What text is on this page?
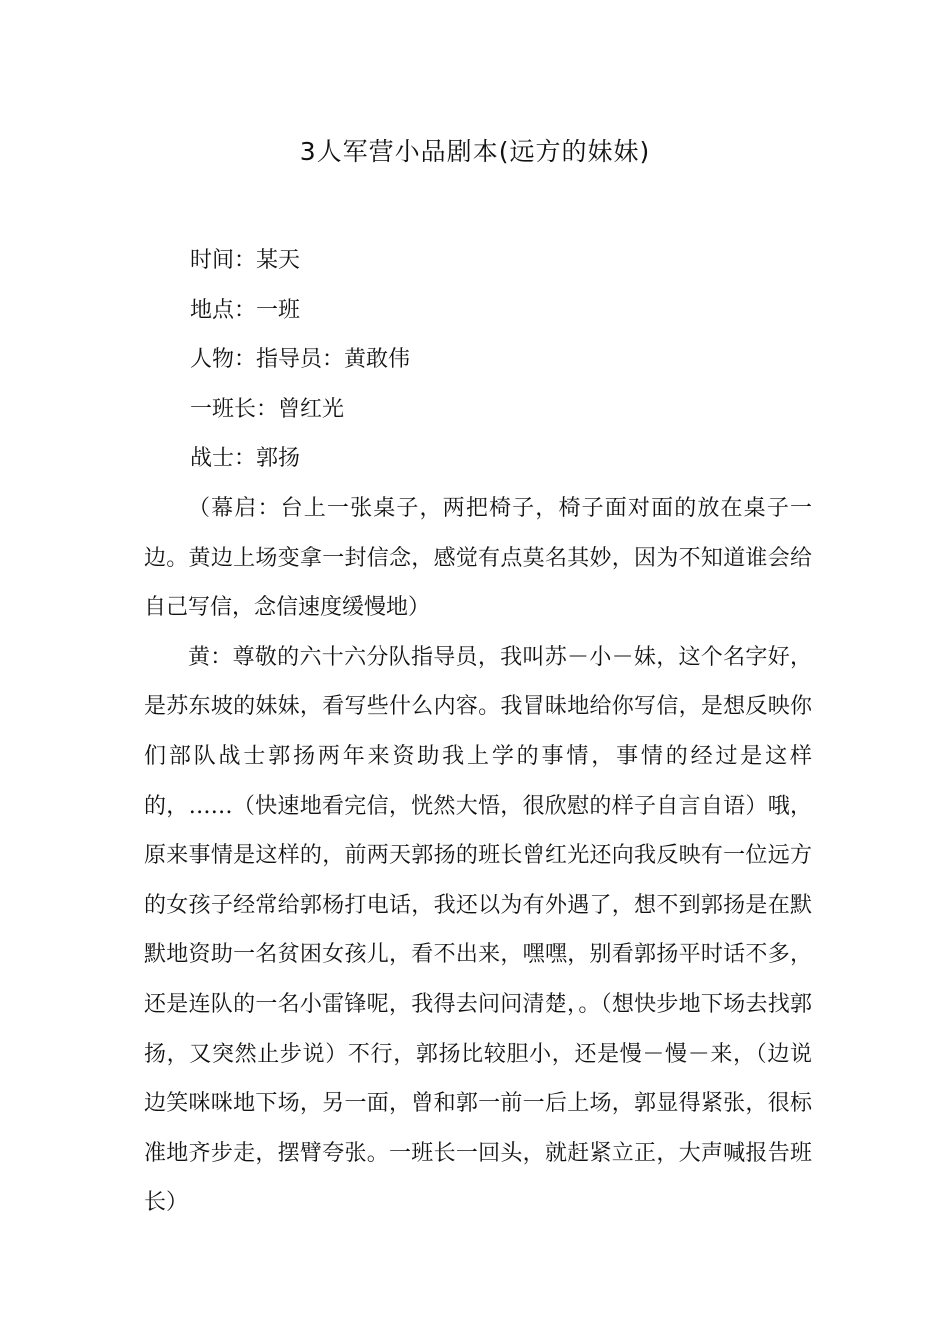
3人军营小品剧本(远方的妹妹)

时间：某天

地点：一班

人物：指导员：黄敢伟

一班长：曾红光

战士：郭扬

（幕启：台上一张桌子，两把椅子，椅子面对面的放在桌子一边。黄边上场变拿一封信念，感觉有点莫名其妙，因为不知道谁会给自己写信，念信速度缓慢地）

黄：尊敬的六十六分队指导员，我叫苏－小－妹，这个名字好，是苏东坡的妹妹，看写些什么内容。我冒昧地给你写信，是想反映你们部队战士郭扬两年来资助我上学的事情，事情的经过是这样的，……（快速地看完信，恍然大悟，很欣慰的样子自言自语）哦，原来事情是这样的，前两天郭扬的班长曾红光还向我反映有一位远方的女孩子经常给郭杨打电话，我还以为有外遇了，想不到郭扬是在默默地资助一名贫困女孩儿，看不出来，嘿嘿，别看郭扬平时话不多，还是连队的一名小雷锋呢，我得去问问清楚，。（想快步地下场去找郭扬，又突然止步说）不行，郭扬比较胆小，还是慢－慢－来，（边说边笑咪咪地下场，另一面，曾和郭一前一后上场，郭显得紧张，很标准地齐步走，摆臂夸张。一班长一回头，就赶紧立正，大声喊报告班长）
